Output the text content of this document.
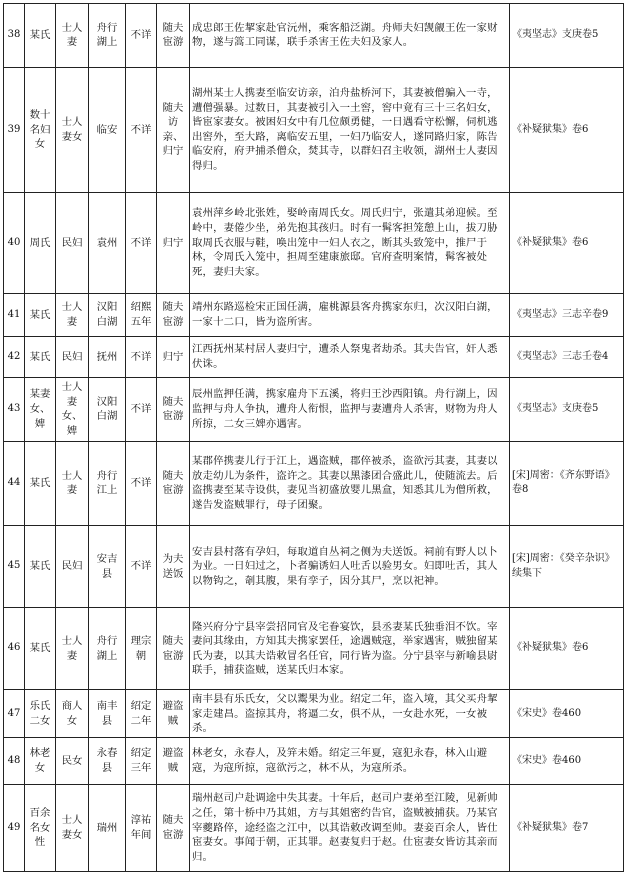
38	某氏	士人妻	舟行湖上	不详	随夫宦游	成忠郎王佐挈家赴官沅州，乘客船泛湖。舟师夫妇觊觎王佐一家财物，遂与篙工同谋，联手杀害王佐夫妇及家人。	《夷坚志》支庚卷5
39	数十名妇女	士人妻女	临安	不详	随夫访亲、归宁	湖州某士人携妻至临安访亲，泊舟盐桥河下，其妻被僧骗入一寺，遭僧强暴。过数日，其妻被引入一土窖，窖中竟有三十三名妇女，皆宦家妻女。被困妇女中有几位颇勇健，一日遇看守松懈，伺机逃出窖外，至大路，离临安五里，一妇乃临安人，遂同路归家，陈告临安府，府尹捕杀僧众，焚其寺，以群妇召主收领，湖州士人妻因得归。	《补疑狱集》卷6
40	周氏	民妇	袁州	不详	归宁	袁州萍乡岭北张姓，娶岭南周氏女。周氏归宁，张遣其弟迎候。至岭中，妻倦少坐，弟先抱其孩归。时有一髯客担笼憩上山，拔刀胁取周氏衣服与鞋，唤出笼中一妇人衣之，断其头致笼中，推尸于林，令周氏入笼中，担周至建康旅邸。官府查明案情，髯客被处死，妻归夫家。	《补疑狱集》卷6
41	某氏	士人妻	汉阳白湖	绍熙五年	随夫宦游	靖州东路巡检宋正国任满，雇桃源县客舟携家东归，次汉阳白湖，一家十二口，皆为盗所害。	《夷坚志》三志辛卷9
42	某氏	民妇	抚州	不详	归宁	江西抚州某村居人妻归宁，遭杀人祭鬼者劫杀。其夫告官，奸人悉伏诛。	《夷坚志》三志壬卷4
43	某妻女、婢	士人妻女、婢	汉阳白湖	不详	随夫宦游	辰州监押任满，携家雇舟下五溪，将归王沙西阳镇。舟行湖上，因监押与舟人争执，遭舟人衔恨，监押与妻遭舟人杀害，财物为舟人所掠，二女三婢亦遇害。	《夷坚志》支庚卷5
44	某氏	士人妻	舟行江上	不详	随夫宦游	某郡倅携妻儿行于江上，遇盗贼，郡倅被杀，盗欲污其妻，其妻以放走幼儿为条件，盗许之。其妻以黑漆团合盛此儿，使随流去。后盗携妻至某寺设供，妻见当初盛放婴儿黑盒，知悉其儿为僧所救，遂告发盗贼罪行，母子团聚。	[宋]周密：《齐东野语》卷8
45	某氏	民妇	安吉县	不详	为夫送饭	安吉县村落有孕妇，每取道自丛祠之侧为夫送饭。祠前有野人以卜为业。一日妇过之，卜者骗诱妇人吐舌以验男女。妇即吐舌，其人以物钩之，剞其腹，果有孪子，因分其尸，烹以祀神。	[宋]周密：《癸辛杂识》续集下
46	某氏	士人妻	舟行湖上	理宗朝	随夫宦游	隆兴府分宁县宰尝招同官及宅眷宴饮，县丞妻某氏独垂泪不饮。宰妻问其缘由，方知其夫携家罢任，途遇贼寇，举家遇害，贼独留某氏为妻，以其夫诰敕冒名任官，同行皆为盗。分宁县宰与新喻县尉联手，捕获盗贼，送某氏归本家。	《补疑狱集》卷6
47	乐氏二女	商人女	南丰县	绍定二年	避盗贼	南丰县有乐氏女，父以鬻果为业。绍定二年，盗入境，其父买舟挈家走建昌。盗掠其舟，将逼二女，俱不从，一女赴水死，一女被杀。	《宋史》卷460
48	林老女	民女	永春县	绍定三年	避盗贼	林老女，永春人，及笄未婚。绍定三年夏，寇犯永春，林入山避寇，为寇所掠，寇欲污之，林不从，为寇所杀。	《宋史》卷460
49	百余名女性	士人妻女	瑞州	淳祐年间	随夫宦游	瑞州赵司户赴调途中失其妻。十年后，赵司户妻弟至江陵，见新帅之任，第十桥中乃其姐，方与其姐密约告官，盗贼被捕获。乃某官宰夔路倅，途经盗之江中，以其诰敕改调至帅。妻妾百余人，皆仕宦妻女。事闻于朝，正其罪。赵妻复归于赵。仕宦妻女皆访其亲而归。	《补疑狱集》卷7
